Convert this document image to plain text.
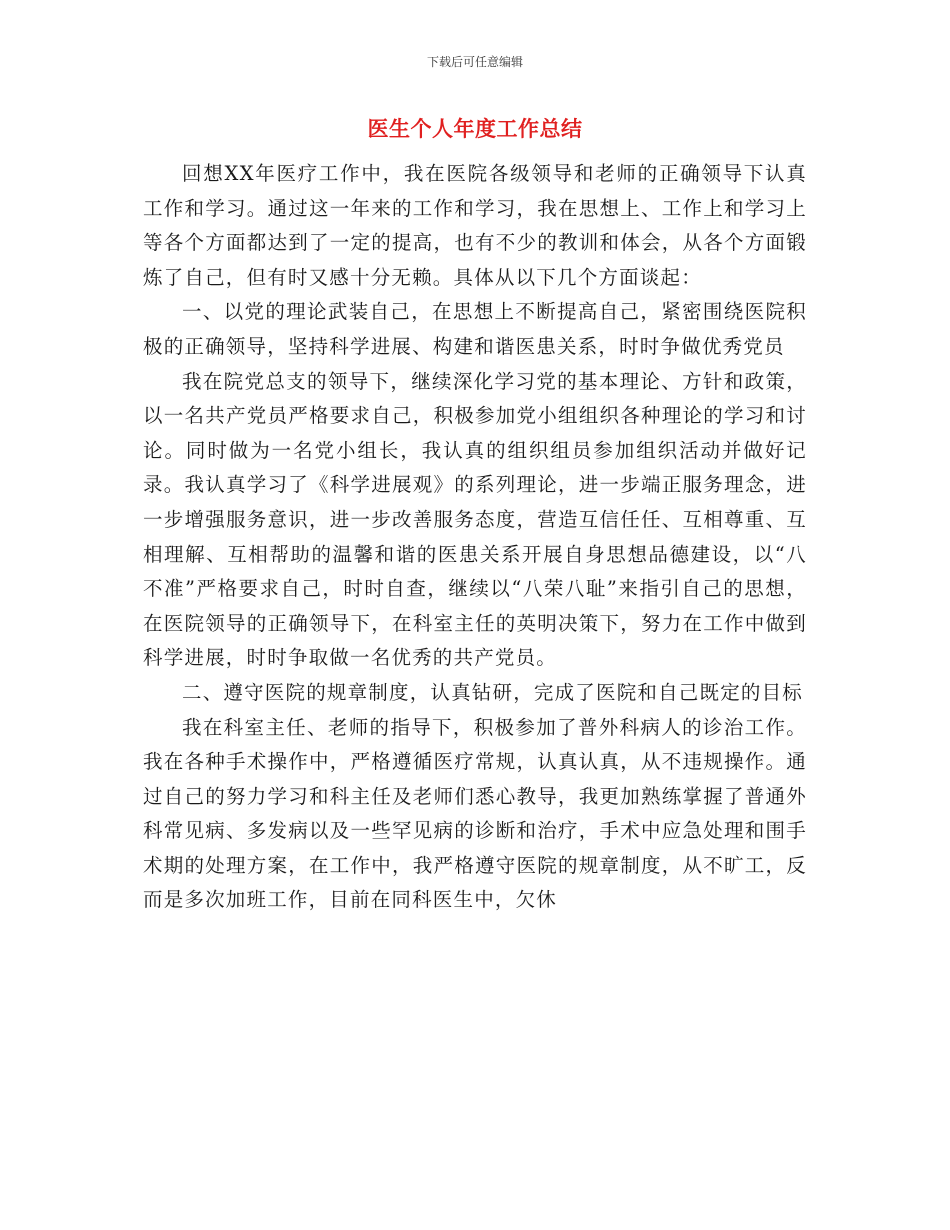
下载后可任意编辑
医生个人年度工作总结

回想XX年医疗工作中，我在医院各级领导和老师的正确领导下认真工作和学习。通过这一年来的工作和学习，我在思想上、工作上和学习上等各个方面都达到了一定的提高，也有不少的教训和体会，从各个方面锻炼了自己，但有时又感十分无赖。具体从以下几个方面谈起：

一、以党的理论武装自己，在思想上不断提高自己，紧密围绕医院积极的正确领导，坚持科学进展、构建和谐医患关系，时时争做优秀党员

我在院党总支的领导下，继续深化学习党的基本理论、方针和政策，以一名共产党员严格要求自己，积极参加党小组组织各种理论的学习和讨论。同时做为一名党小组长，我认真的组织组员参加组织活动并做好记录。我认真学习了《科学进展观》的系列理论，进一步端正服务理念，进一步增强服务意识，进一步改善服务态度，营造互信任任、互相尊重、互相理解、互相帮助的温馨和谐的医患关系开展自身思想品德建设，以“八不准”严格要求自己，时时自查，继续以“八荣八耻”来指引自己的思想，在医院领导的正确领导下，在科室主任的英明决策下，努力在工作中做到科学进展，时时争取做一名优秀的共产党员。

二、遵守医院的规章制度，认真钻研，完成了医院和自己既定的目标

我在科室主任、老师的指导下，积极参加了普外科病人的诊治工作。我在各种手术操作中，严格遵循医疗常规，认真认真，从不违规操作。通过自己的努力学习和科主任及老师们悉心教导，我更加熟练掌握了普通外科常见病、多发病以及一些罕见病的诊断和治疗，手术中应急处理和围手术期的处理方案，在工作中，我严格遵守医院的规章制度，从不旷工，反而是多次加班工作，目前在同科医生中，欠休
